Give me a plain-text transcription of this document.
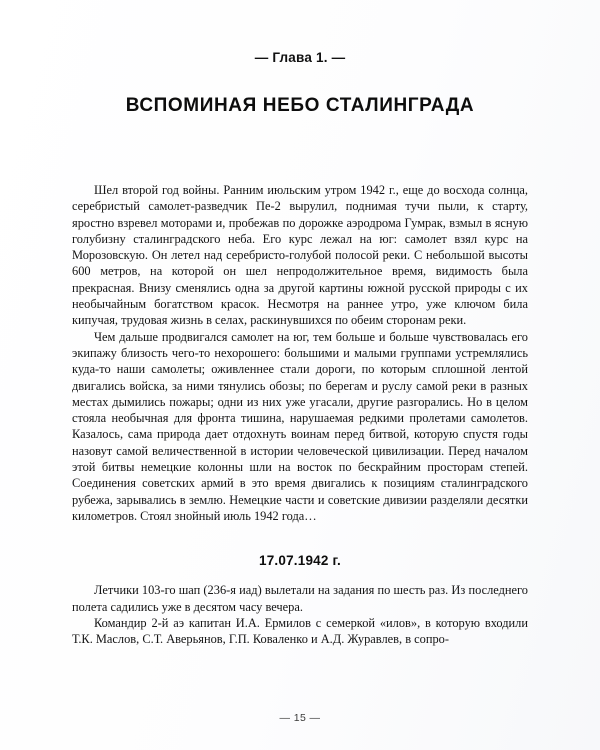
— Глава 1. —
ВСПОМИНАЯ НЕБО СТАЛИНГРАДА

Шел второй год войны. Ранним июльским утром 1942 г., еще до восхода солнца, серебристый самолет-разведчик Пе-2 вырулил, поднимая тучи пыли, к старту, яростно взревел моторами и, пробежав по дорожке аэродрома Гумрак, взмыл в ясную голубизну сталинградского неба. Его курс лежал на юг: самолет взял курс на Морозовскую. Он летел над серебристо-голубой полосой реки. С небольшой высоты 600 метров, на которой он шел непродолжительное время, видимость была прекрасная. Внизу сменялись одна за другой картины южной русской природы с их необычайным богатством красок. Несмотря на раннее утро, уже ключом била кипучая, трудовая жизнь в селах, раскинувшихся по обеим сторонам реки.

Чем дальше продвигался самолет на юг, тем больше и больше чувствовалась его экипажу близость чего-то нехорошего: большими и малыми группами устремлялись куда-то наши самолеты; оживленнее стали дороги, по которым сплошной лентой двигались войска, за ними тянулись обозы; по берегам и руслу самой реки в разных местах дымились пожары; одни из них уже угасали, другие разгорались. Но в целом стояла необычная для фронта тишина, нарушаемая редкими пролетами самолетов. Казалось, сама природа дает отдохнуть воинам перед битвой, которую спустя годы назовут самой величественной в истории человеческой цивилизации. Перед началом этой битвы немецкие колонны шли на восток по бескрайним просторам степей. Соединения советских армий в это время двигались к позициям сталинградского рубежа, зарывались в землю. Немецкие части и советские дивизии разделяли десятки километров. Стоял знойный июль 1942 года…

17.07.1942 г.

Летчики 103-го шап (236-я иад) вылетали на задания по шесть раз. Из последнего полета садились уже в десятом часу вечера.

Командир 2-й аэ капитан И.А. Ермилов с семеркой «илов», в которую входили Т.К. Маслов, С.Т. Аверьянов, Г.П. Коваленко и А.Д. Журавлев, в сопро-

— 15 —
